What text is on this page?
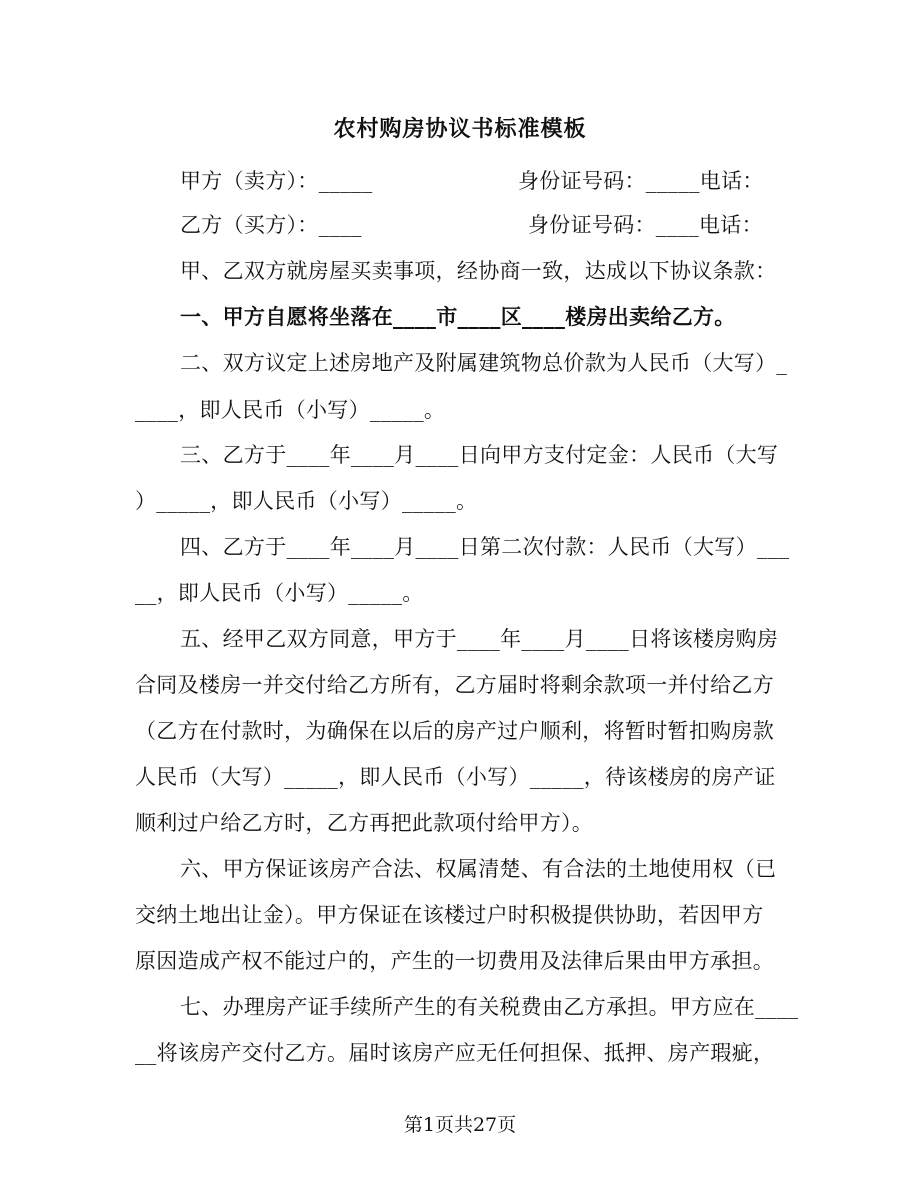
农村购房协议书标准模板
甲方（卖方）：_____	身份证号码：_____电话：
乙方（买方）：____	身份证号码：____电话：
甲、乙双方就房屋买卖事项，经协商一致，达成以下协议条款：
一、甲方自愿将坐落在____市____区____楼房出卖给乙方。
二、双方议定上述房地产及附属建筑物总价款为人民币（大写）_
____，即人民币（小写）_____。
三、乙方于____年____月____日向甲方支付定金：人民币（大写
）_____，即人民币（小写）_____。
四、乙方于____年____月____日第二次付款：人民币（大写）___
__，即人民币（小写）_____。
五、经甲乙双方同意，甲方于____年____月____日将该楼房购房
合同及楼房一并交付给乙方所有，乙方届时将剩余款项一并付给乙方
（乙方在付款时，为确保在以后的房产过户顺利，将暂时暂扣购房款
人民币（大写）_____，即人民币（小写）_____，待该楼房的房产证
顺利过户给乙方时，乙方再把此款项付给甲方）。
六、甲方保证该房产合法、权属清楚、有合法的土地使用权（已
交纳土地出让金）。甲方保证在该楼过户时积极提供协助，若因甲方
原因造成产权不能过户的，产生的一切费用及法律后果由甲方承担。
七、办理房产证手续所产生的有关税费由乙方承担。甲方应在____
__将该房产交付乙方。届时该房产应无任何担保、抵押、房产瑕疵，
第1页共27页
